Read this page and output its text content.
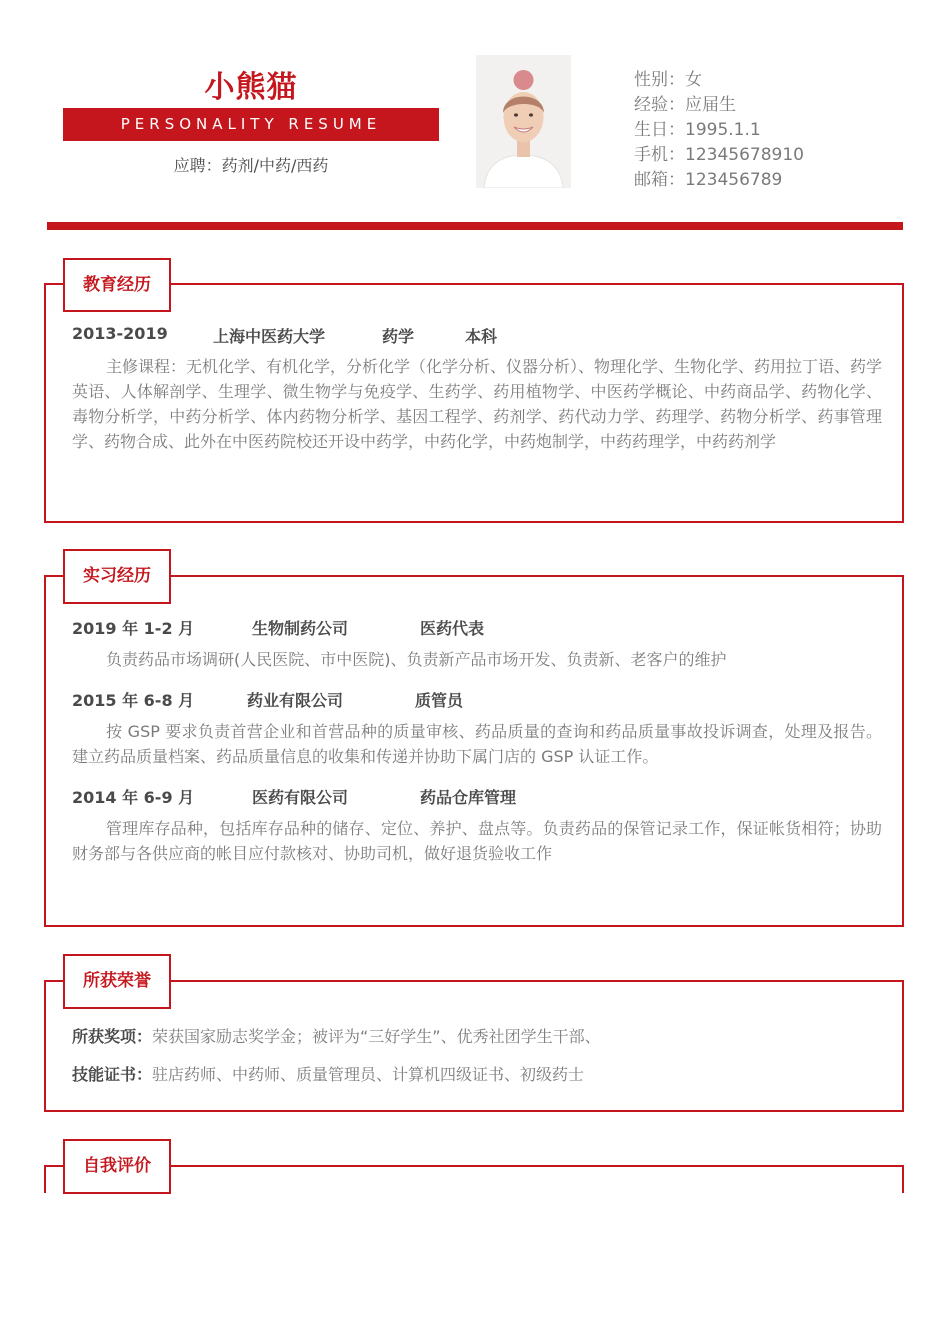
小熊猫
PERSONALITY RESUME
应聘：药剂/中药/西药
性别：女
经验：应届生
生日：1995.1.1
手机：12345678910
邮箱：123456789
教育经历
2013-2019	上海中医药大学	药学	本科
主修课程：无机化学、有机化学，分析化学（化学分析、仪器分析）、物理化学、生物化学、药用拉丁语、药学英语、人体解剖学、生理学、微生物学与免疫学、生药学、药用植物学、中医药学概论、中药商品学、药物化学、毒物分析学，中药分析学、体内药物分析学、基因工程学、药剂学、药代动力学、药理学、药物分析学、药事管理学、药物合成、此外在中医药院校还开设中药学，中药化学，中药炮制学，中药药理学，中药药剂学
实习经历
2019 年 1-2 月	生物制药公司	医药代表
负责药品市场调研(人民医院、市中医院)、负责新产品市场开发、负责新、老客户的维护
2015 年 6-8 月	药业有限公司	质管员
按 GSP 要求负责首营企业和首营品种的质量审核、药品质量的查询和药品质量事故投诉调查，处理及报告。建立药品质量档案、药品质量信息的收集和传递并协助下属门店的 GSP 认证工作。
2014 年 6-9 月	医药有限公司	药品仓库管理
管理库存品种，包括库存品种的储存、定位、养护、盘点等。负责药品的保管记录工作，保证帐货相符；协助财务部与各供应商的帐目应付款核对、协助司机，做好退货验收工作
所获荣誉
所获奖项：荣获国家励志奖学金；被评为“三好学生”、优秀社团学生干部、
技能证书：驻店药师、中药师、质量管理员、计算机四级证书、初级药士
自我评价
